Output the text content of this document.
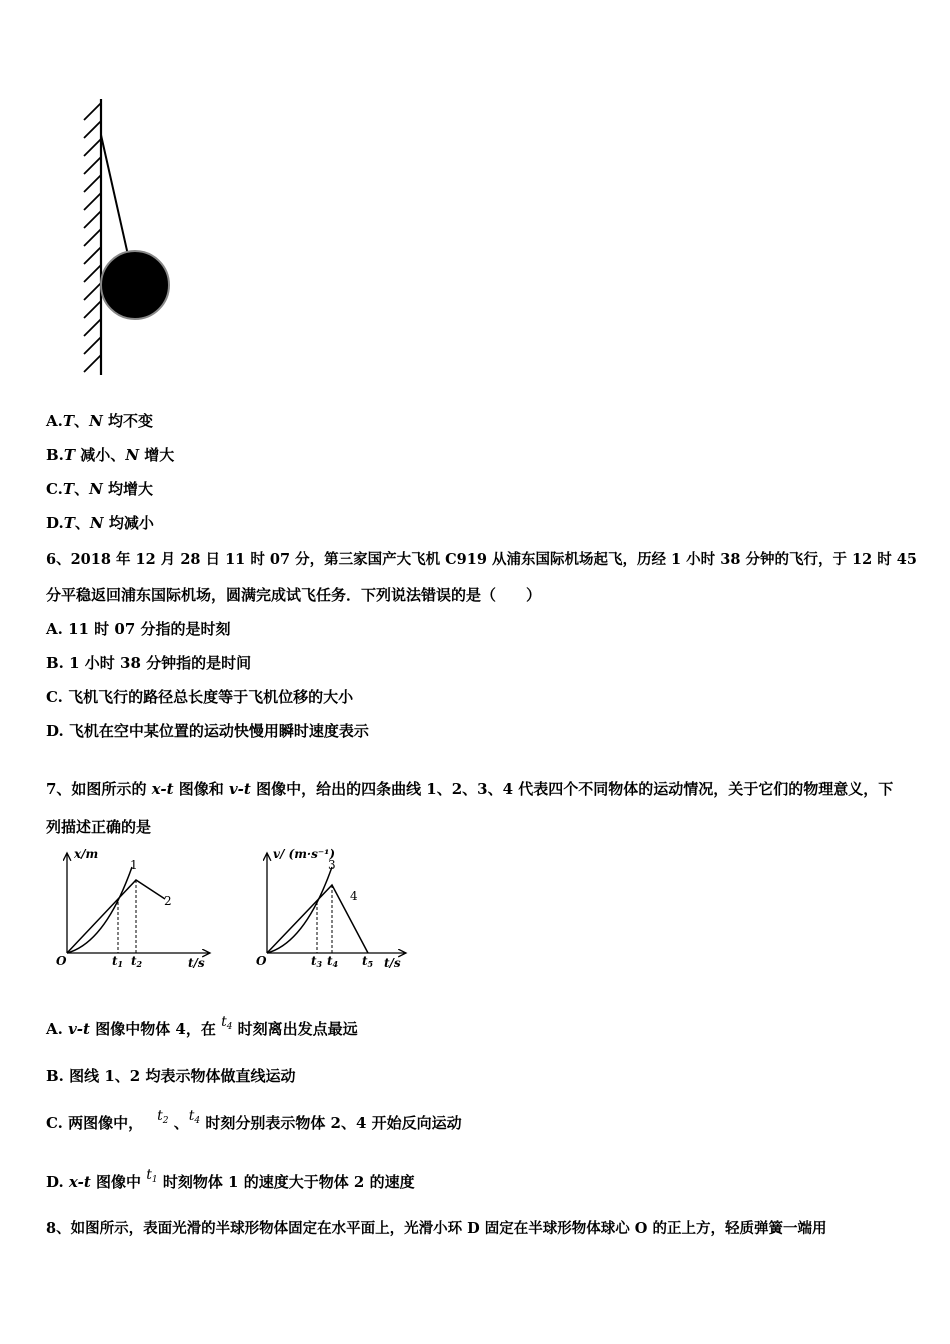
A.T、N 均不变
B.T 减小、N 增大
C.T、N 均增大
D.T、N 均减小
6、2018 年 12 月 28 日 11 时 07 分，第三家国产大飞机 C919 从浦东国际机场起飞，历经 1 小时 38 分钟的飞行，于 12 时 45
分平稳返回浦东国际机场，圆满完成试飞任务．下列说法错误的是（　　）
A. 11 时 07 分指的是时刻
B. 1 小时 38 分钟指的是时间
C. 飞机飞行的路径总长度等于飞机位移的大小
D. 飞机在空中某位置的运动快慢用瞬时速度表示
7、如图所示的 x-t 图像和 v-t 图像中，给出的四条曲线 1、2、3、4 代表四个不同物体的运动情况，关于它们的物理意义，下
列描述正确的是
x/m
O	t/s
1
2
t1 t2
v/ (m·s⁻¹)
O	t/s
3
4
t3 t4 t5
A. v-t 图像中物体 4，在 $t_4$ 时刻离出发点最远
B. 图线 1、2 均表示物体做直线运动
C. 两图像中， $t_2$ 、$t_4$ 时刻分别表示物体 2、4 开始反向运动
D. x-t 图像中 $t_1$ 时刻物体 1 的速度大于物体 2 的速度
8、如图所示，表面光滑的半球形物体固定在水平面上，光滑小环 D 固定在半球形物体球心 O 的正上方，轻质弹簧一端用
